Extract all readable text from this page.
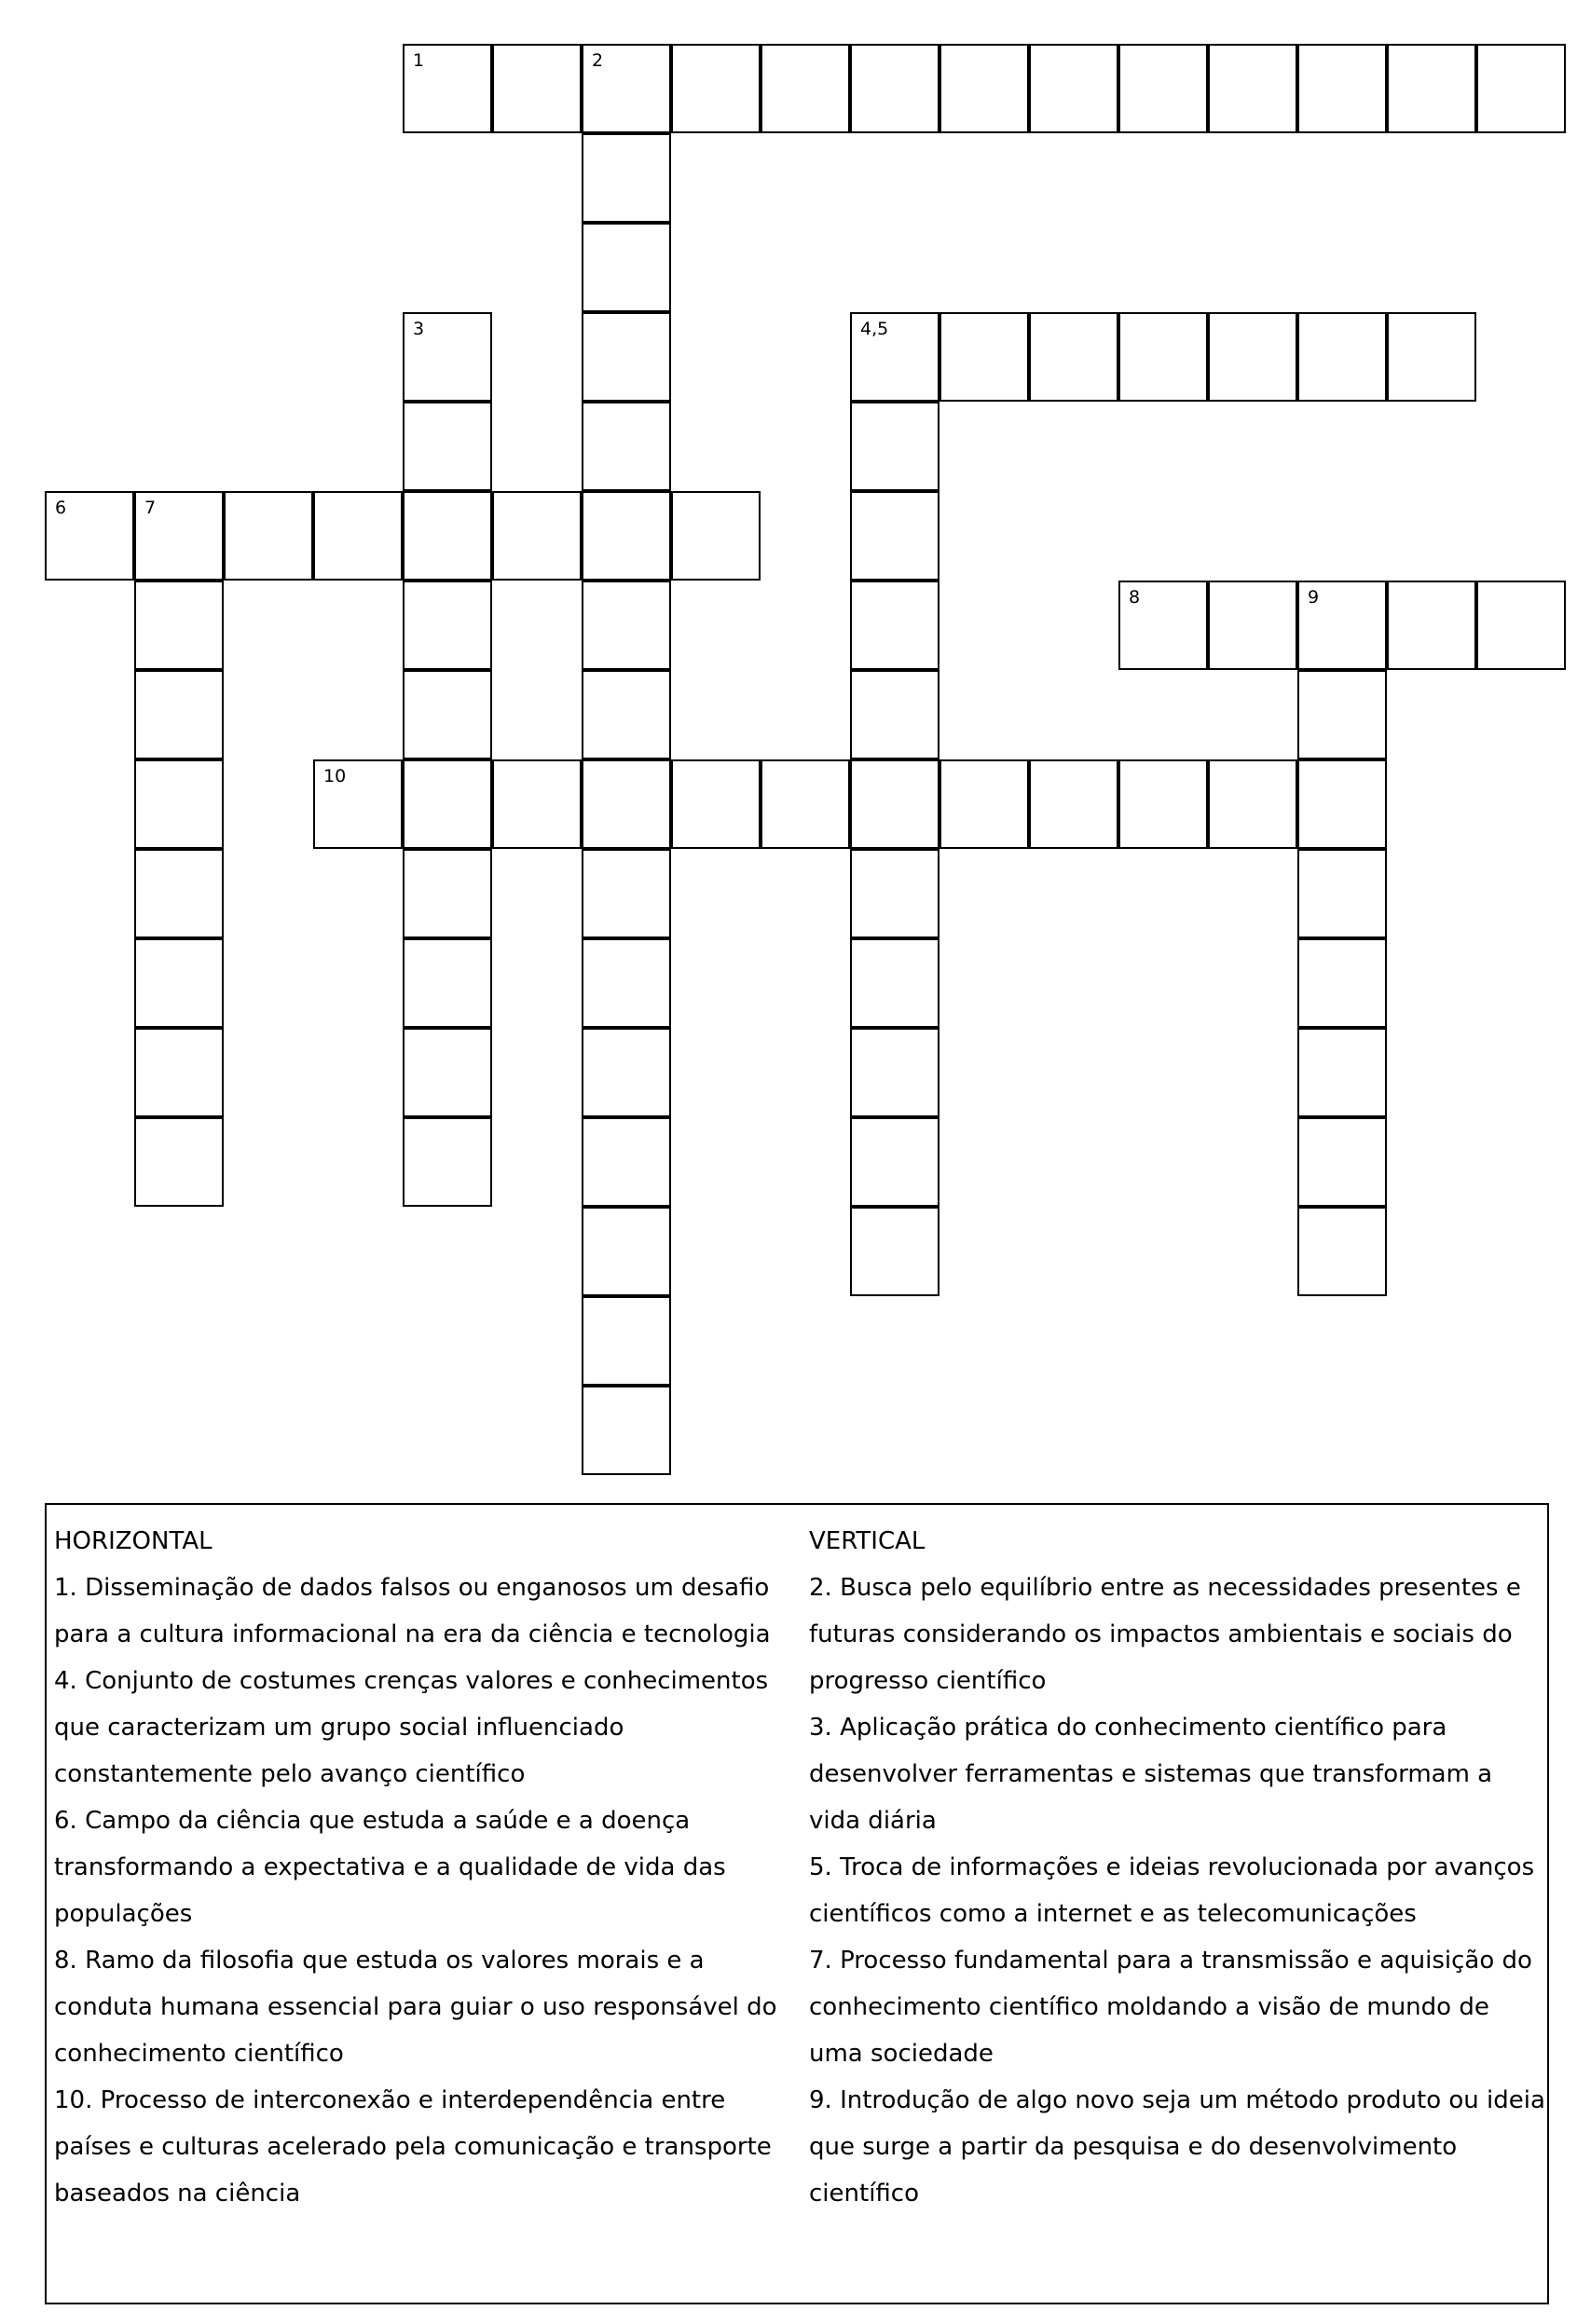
1	2
4,5
6	7
8	9
10
3
HORIZONTAL
1. Disseminação de dados falsos ou enganosos um desafio para a cultura informacional na era da ciência e tecnologia
4. Conjunto de costumes crenças valores e conhecimentos que caracterizam um grupo social influenciado constantemente pelo avanço científico
6. Campo da ciência que estuda a saúde e a doença transformando a expectativa e a qualidade de vida das populações
8. Ramo da filosofia que estuda os valores morais e a conduta humana essencial para guiar o uso responsável do conhecimento científico
10. Processo de interconexão e interdependência entre países e culturas acelerado pela comunicação e transporte baseados na ciência
VERTICAL
2. Busca pelo equilíbrio entre as necessidades presentes e futuras considerando os impactos ambientais e sociais do progresso científico
3. Aplicação prática do conhecimento científico para desenvolver ferramentas e sistemas que transformam a vida diária
5. Troca de informações e ideias revolucionada por avanços científicos como a internet e as telecomunicações
7. Processo fundamental para a transmissão e aquisição do conhecimento científico moldando a visão de mundo de uma sociedade
9. Introdução de algo novo seja um método produto ou ideia que surge a partir da pesquisa e do desenvolvimento científico
